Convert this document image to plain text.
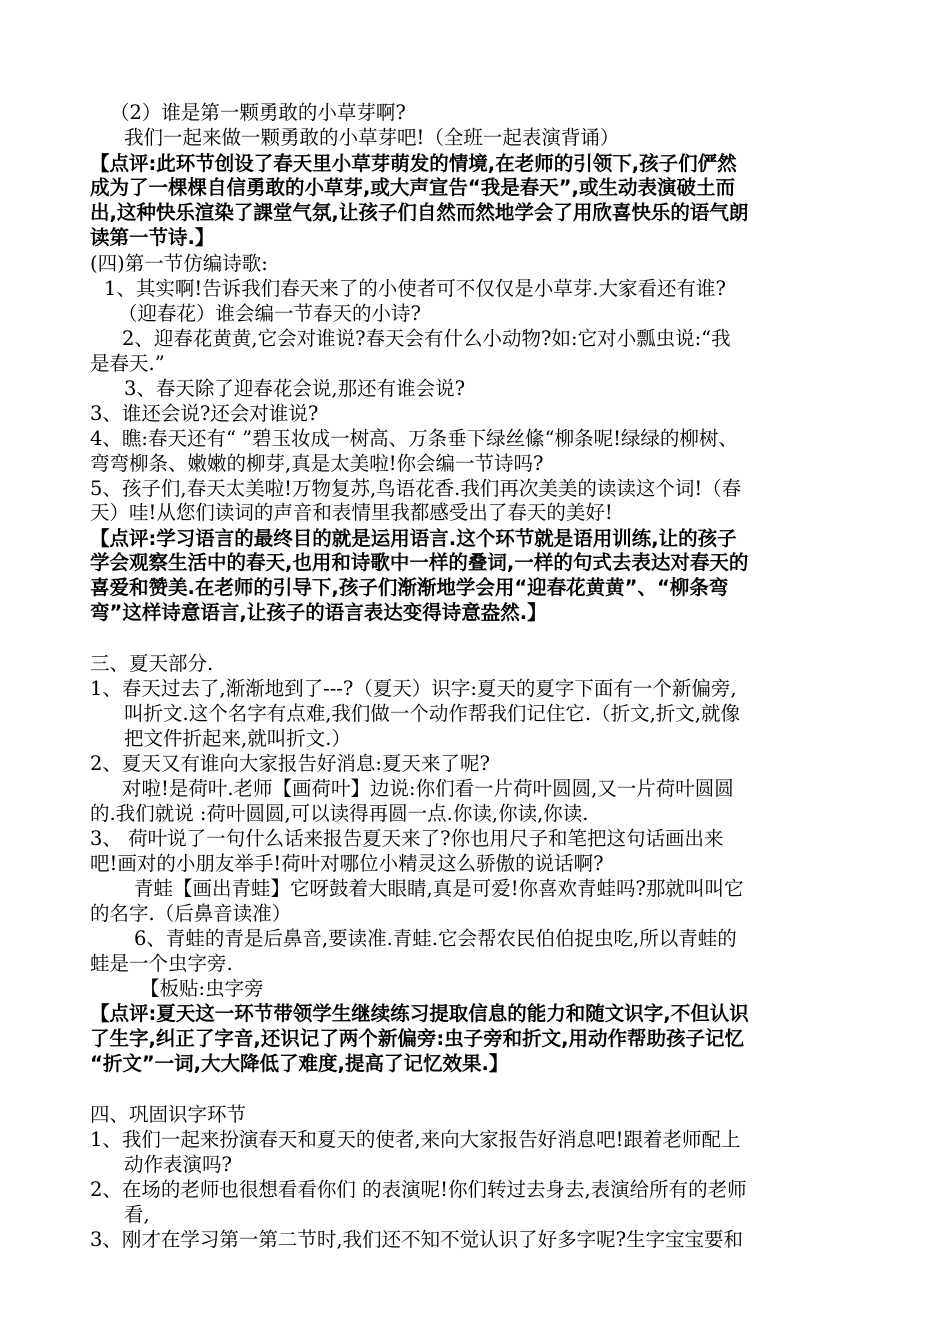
（2）谁是第一颗勇敢的小草芽啊?
我们一起来做一颗勇敢的小草芽吧!（全班一起表演背诵）
【点评:此环节创设了春天里小草芽萌发的情境,在老师的引领下,孩子们俨然
成为了一棵棵自信勇敢的小草芽,或大声宣告“我是春天”,或生动表演破土而
出,这种快乐渲染了課堂气氛,让孩子们自然而然地学会了用欣喜快乐的语气朗
读第一节诗.】
(四)第一节仿编诗歌:
1、其实啊!告诉我们春天来了的小使者可不仅仅是小草芽.大家看还有谁?
（迎春花）谁会编一节春天的小诗?
2、迎春花黄黄,它会对谁说?春天会有什么小动物?如:它对小瓢虫说:“我
是春天.”
3、春天除了迎春花会说,那还有谁会说?
3、谁还会说?还会对谁说?
4、瞧:春天还有“ ”碧玉妆成一树高、万条垂下绿丝絛“柳条呢!绿绿的柳树、
弯弯柳条、嫩嫩的柳芽,真是太美啦!你会编一节诗吗?
5、孩子们,春天太美啦!万物复苏,鸟语花香.我们再次美美的读读这个词!（春
天）哇!从您们读词的声音和表情里我都感受出了春天的美好!
【点评:学习语言的最终目的就是运用语言.这个环节就是语用训练,让的孩子
学会观察生活中的春天,也用和诗歌中一样的叠词,一样的句式去表达对春天的
喜爱和赞美.在老师的引导下,孩子们渐渐地学会用“迎春花黄黄”、“柳条弯
弯”这样诗意语言,让孩子的语言表达变得诗意盎然.】
三、夏天部分.
1、春天过去了,渐渐地到了---?（夏天）识字:夏天的夏字下面有一个新偏旁,
叫折文.这个名字有点难,我们做一个动作帮我们记住它.（折文,折文,就像
把文件折起来,就叫折文.）
2、夏天又有谁向大家报告好消息:夏天来了呢?
对啦!是荷叶.老师【画荷叶】边说:你们看一片荷叶圆圆,又一片荷叶圆圆
的.我们就说 :荷叶圆圆,可以读得再圆一点.你读,你读,你读.
3、 荷叶说了一句什么话来报告夏天来了?你也用尺子和笔把这句话画出来
吧!画对的小朋友举手!荷叶对哪位小精灵这么骄傲的说话啊?
青蛙【画出青蛙】它呀鼓着大眼睛,真是可爱!你喜欢青蛙吗?那就叫叫它
的名字.（后鼻音读准）
6、青蛙的青是后鼻音,要读准.青蛙.它会帮农民伯伯捉虫吃,所以青蛙的
蛙是一个虫字旁.
【板贴:虫字旁
【点评:夏天这一环节带领学生继续练习提取信息的能力和随文识字,不但认识
了生字,纠正了字音,还识记了两个新偏旁:虫子旁和折文,用动作帮助孩子记忆
“折文”一词,大大降低了难度,提高了记忆效果.】
四、巩固识字环节
1、我们一起来扮演春天和夏天的使者,来向大家报告好消息吧!跟着老师配上
动作表演吗?
2、在场的老师也很想看看你们 的表演呢!你们转过去身去,表演给所有的老师
看,
3、刚才在学习第一第二节时,我们还不知不觉认识了好多字呢?生字宝宝要和
